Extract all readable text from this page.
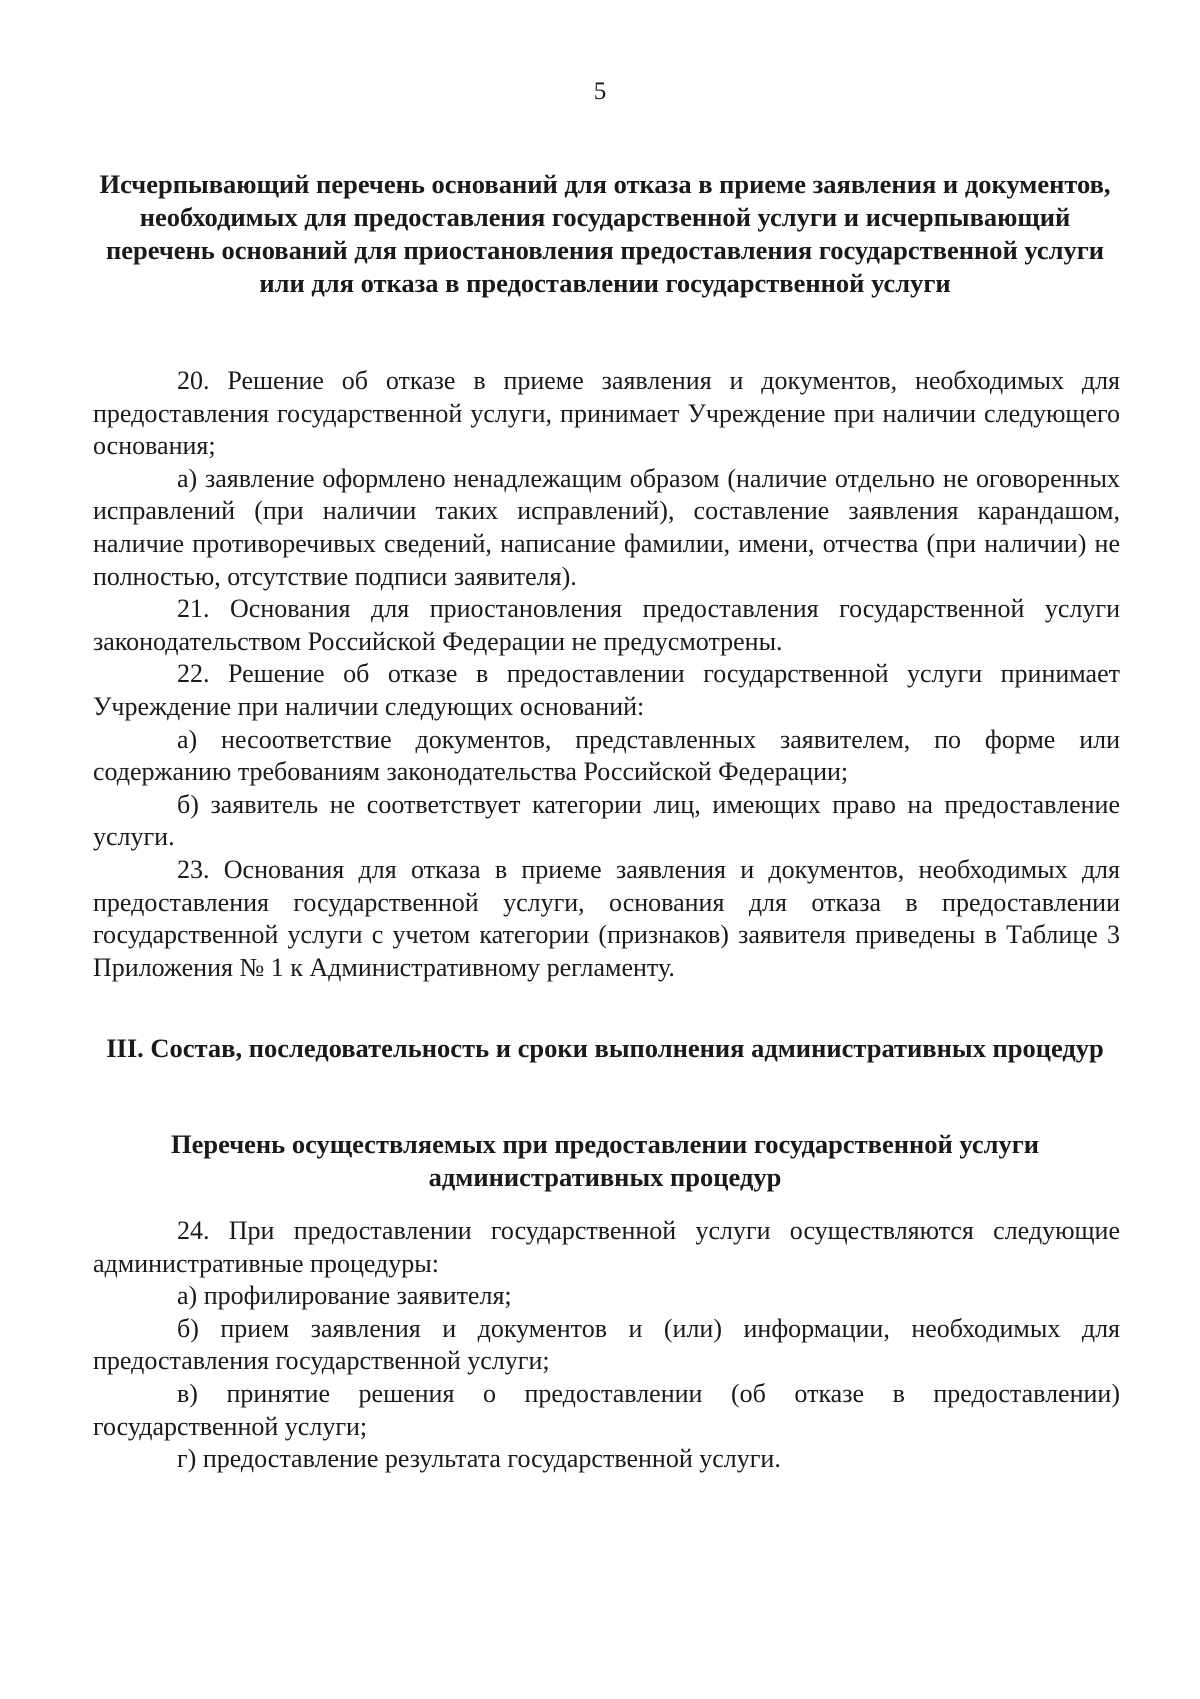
5
Исчерпывающий перечень оснований для отказа в приеме заявления и документов, необходимых для предоставления государственной услуги и исчерпывающий перечень оснований для приостановления предоставления государственной услуги или для отказа в предоставлении государственной услуги

20. Решение об отказе в приеме заявления и документов, необходимых для предоставления государственной услуги, принимает Учреждение при наличии следующего основания;

а) заявление оформлено ненадлежащим образом (наличие отдельно не оговоренных исправлений (при наличии таких исправлений), составление заявления карандашом, наличие противоречивых сведений, написание фамилии, имени, отчества (при наличии) не полностью, отсутствие подписи заявителя).

21. Основания для приостановления предоставления государственной услуги законодательством Российской Федерации не предусмотрены.

22. Решение об отказе в предоставлении государственной услуги принимает Учреждение при наличии следующих оснований:

а) несоответствие документов, представленных заявителем, по форме или содержанию требованиям законодательства Российской Федерации;

б) заявитель не соответствует категории лиц, имеющих право на предоставление услуги.

23. Основания для отказа в приеме заявления и документов, необходимых для предоставления государственной услуги, основания для отказа в предоставлении государственной услуги с учетом категории (признаков) заявителя приведены в Таблице 3 Приложения № 1 к Административному регламенту.

III. Состав, последовательность и сроки выполнения административных процедур
Перечень осуществляемых при предоставлении государственной услуги административных процедур

24. При предоставлении государственной услуги осуществляются следующие административные процедуры:

а) профилирование заявителя;

б) прием заявления и документов и (или) информации, необходимых для предоставления государственной услуги;

в) принятие решения о предоставлении (об отказе в предоставлении) государственной услуги;

г) предоставление результата государственной услуги.
